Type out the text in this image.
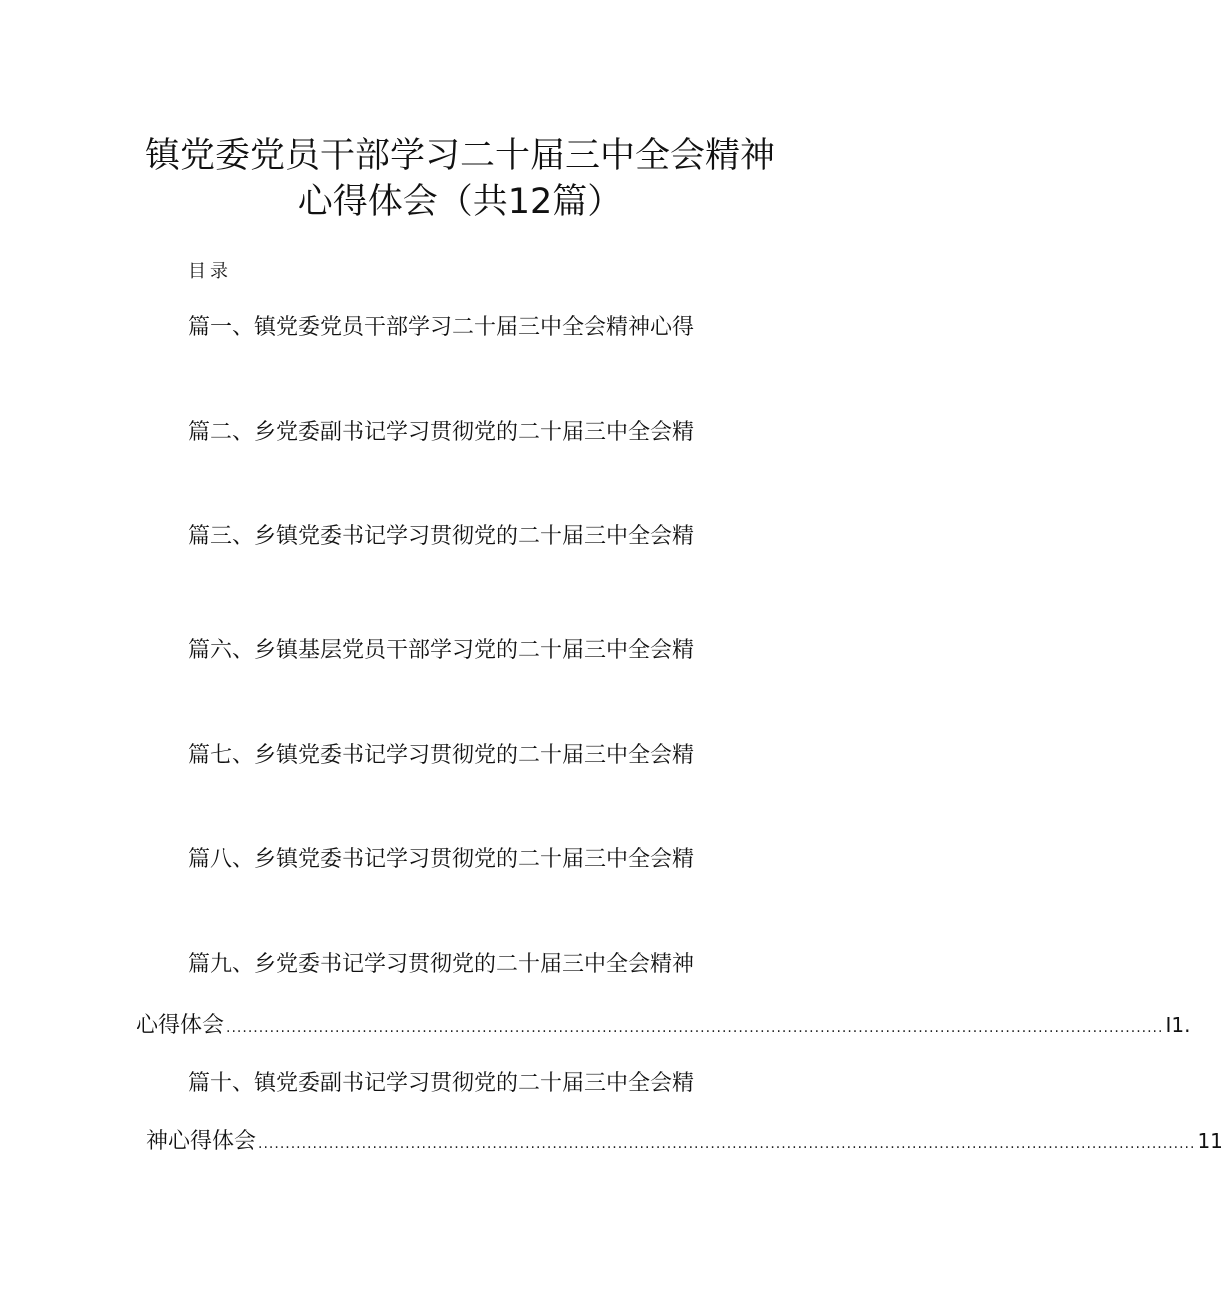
镇党委党员干部学习二十届三中全会精神
心得体会（共12篇）
目录
篇一、镇党委党员干部学习二十届三中全会精神心得
篇二、乡党委副书记学习贯彻党的二十届三中全会精
篇三、乡镇党委书记学习贯彻党的二十届三中全会精
篇六、乡镇基层党员干部学习党的二十届三中全会精
篇七、乡镇党委书记学习贯彻党的二十届三中全会精
篇八、乡镇党委书记学习贯彻党的二十届三中全会精
篇九、乡党委书记学习贯彻党的二十届三中全会精神
心得体会 ............................................................................................................................................................................ I1.
篇十、镇党委副书记学习贯彻党的二十届三中全会精
神心得体会 ............................................................................................................................................................................ 11
